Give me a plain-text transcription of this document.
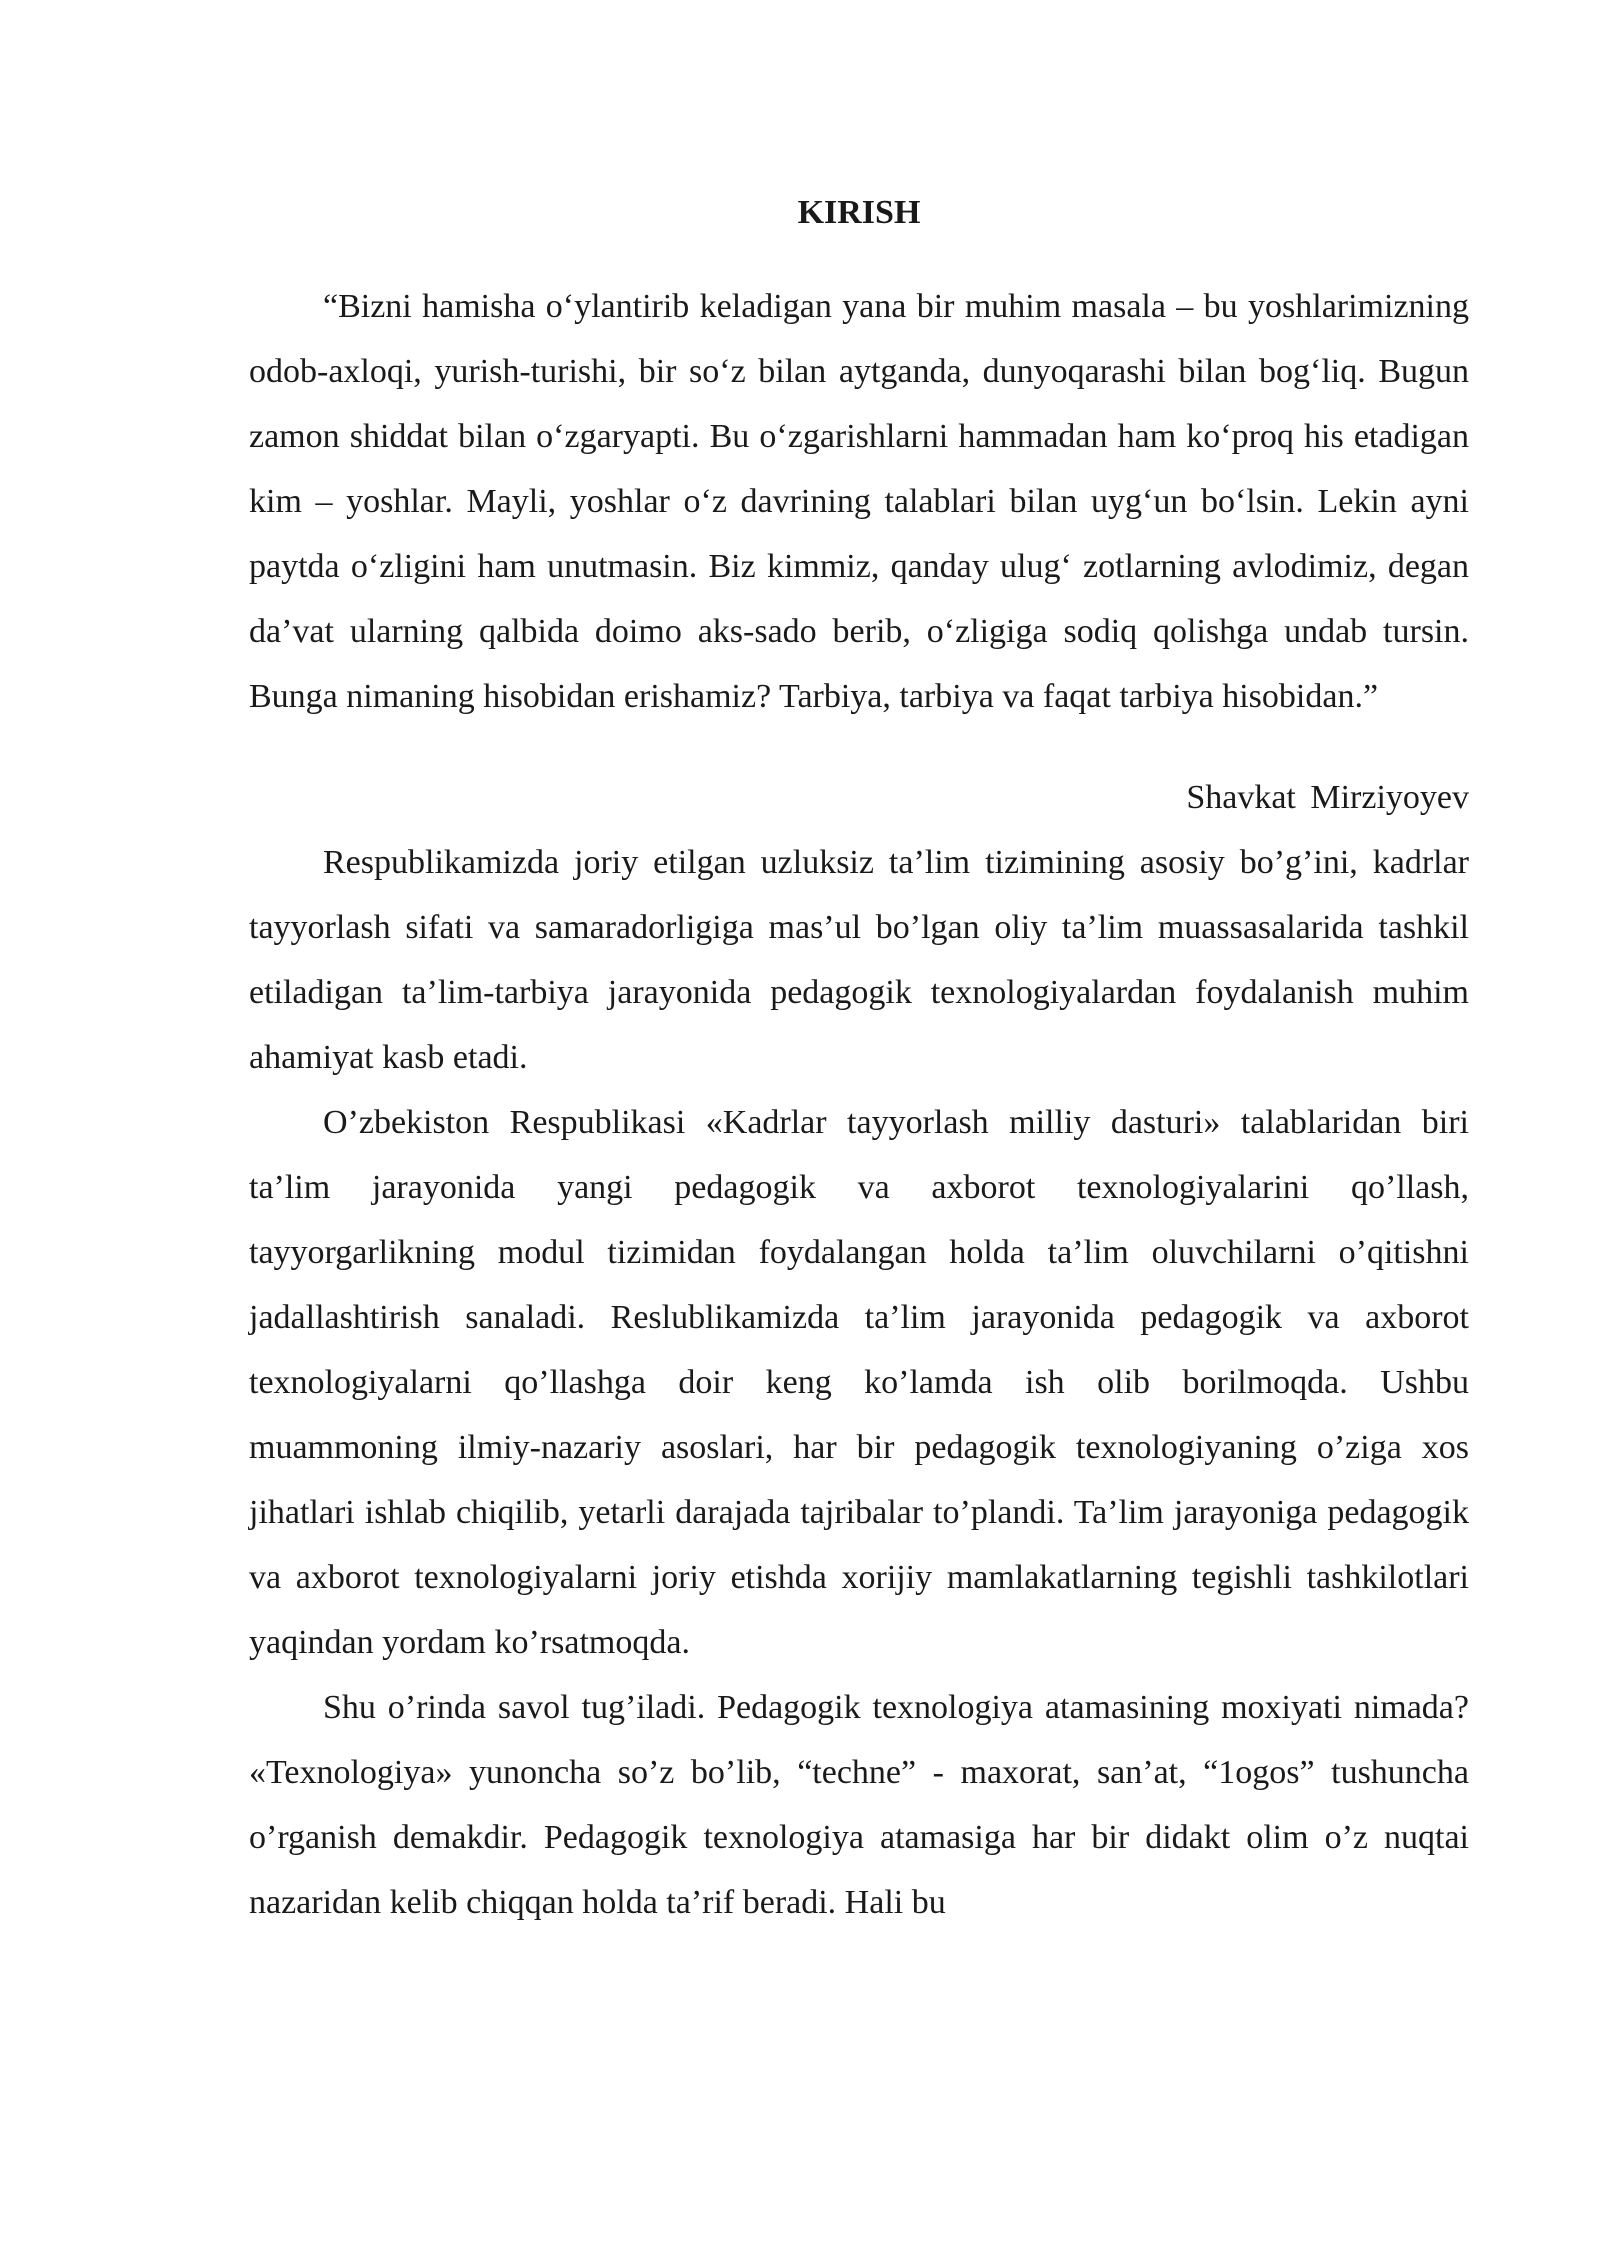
KIRISH

“Bizni hamisha o‘ylantirib keladigan yana bir muhim masala – bu yoshlarimizning odob-axloqi, yurish-turishi, bir so‘z bilan aytganda, dunyoqarashi bilan bog‘liq. Bugun zamon shiddat bilan o‘zgaryapti. Bu o‘zgarishlarni hammadan ham ko‘proq his etadigan kim – yoshlar. Mayli, yoshlar o‘z davrining talablari bilan uyg‘un bo‘lsin. Lekin ayni paytda o‘zligini ham unutmasin. Biz kimmiz, qanday ulug‘ zotlarning avlodimiz, degan da’vat ularning qalbida doimo aks-sado berib, o‘zligiga sodiq qolishga undab tursin. Bunga nimaning hisobidan erishamiz? Tarbiya, tarbiya va faqat tarbiya hisobidan.”

Shavkat Mirziyoyev

Respublikamizda joriy etilgan uzluksiz ta’lim tizimining asosiy bo’g’ini, kadrlar tayyorlash sifati va samaradorligiga mas’ul bo’lgan oliy ta’lim muassasalarida tashkil etiladigan ta’lim-tarbiya jarayonida pedagogik texnologiyalardan foydalanish muhim ahamiyat kasb etadi.

O’zbekiston Respublikasi «Kadrlar tayyorlash milliy dasturi» talablaridan biri ta’lim jarayonida yangi pedagogik va axborot texnologiyalarini qo’llash, tayyorgarlikning modul tizimidan foydalangan holda ta’lim oluvchilarni o’qitishni jadallashtirish sanaladi. Reslublikamizda ta’lim jarayonida pedagogik va axborot texnologiyalarni qo’llashga doir keng ko’lamda ish olib borilmoqda. Ushbu muammoning ilmiy-nazariy asoslari, har bir pedagogik texnologiyaning o’ziga xos jihatlari ishlab chiqilib, yetarli darajada tajribalar to’plandi. Ta’lim jarayoniga pedagogik va axborot texnologiyalarni joriy etishda xorijiy mamlakatlarning tegishli tashkilotlari yaqindan yordam ko’rsatmoqda.

Shu o’rinda savol tug’iladi. Pedagogik texnologiya atamasining moxiyati nimada? «Texnologiya» yunoncha so’z bo’lib, “techne” - maxorat, san’at, “1ogos” tushuncha o’rganish demakdir. Pedagogik texnologiya atamasiga har bir didakt olim o’z nuqtai nazaridan kelib chiqqan holda ta’rif beradi. Hali bu
